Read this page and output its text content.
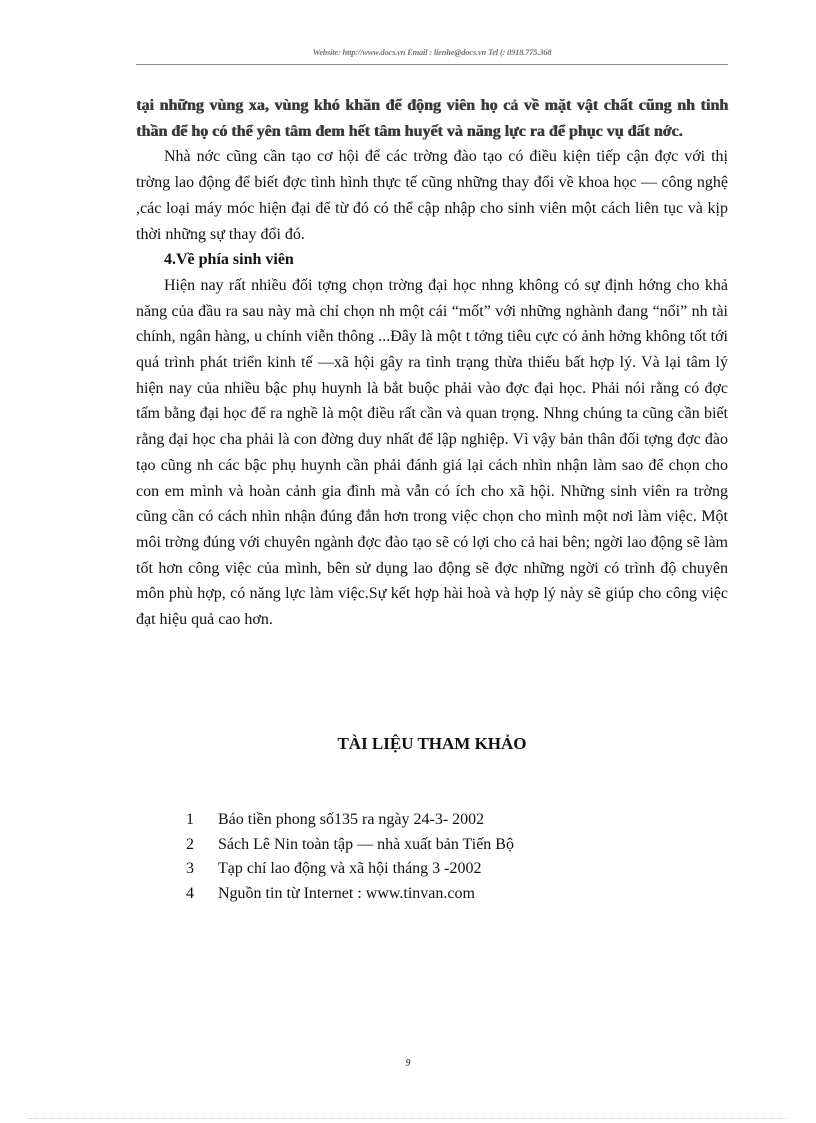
Website: http://www.docs.vn Email : lienhe@docs.vn Tel (: 0918.775.368

tại những vùng xa, vùng khó khăn để động viên họ cả về mặt vật chất cũng nh tinh thần để họ có thể yên tâm đem hết tâm huyết và năng lực ra để phục vụ đất nớc.

Nhà nớc cũng cần tạo cơ hội để các trờng đào tạo có điều kiện tiếp cận đợc với thị trờng lao động để biết đợc tình hình thực tế cũng những thay đổi về khoa học — công nghệ ,các loại máy móc hiện đại để từ đó có thể cập nhập cho sinh viên một cách liên tục và kịp thời những sự thay đổi đó.

4.Về phía sinh viên

Hiện nay rất nhiều đối tợng chọn trờng đại học nhng không có sự định hớng cho khả năng của đầu ra sau này mà chỉ chọn nh một cái “mốt” với những nghành đang “nổi” nh tài chính, ngân hàng, u chính viễn thông ...Đây là một t tởng tiêu cực có ảnh hởng không tốt tới quá trình phát triển kinh tế —xã hội gây ra tình trạng thừa thiếu bất hợp lý. Và lại tâm lý hiện nay của nhiều bậc phụ huynh là bắt buộc phải vào đợc đại học. Phải nói rằng có đợc tấm bằng đại học để ra nghề là một điều rất cần và quan trọng. Nhng chúng ta cũng cần biết rằng đại học cha phải là con đờng duy nhất để lập nghiệp. Vì vậy bản thân đối tợng đợc đào tạo cũng nh các bậc phụ huynh cần phải đánh giá lại cách nhìn nhận làm sao để chọn cho con em mình và hoàn cảnh gia đình mà vẫn có ích cho xã hội. Những sinh viên ra trờng cũng cần có cách nhìn nhận đúng đắn hơn trong việc chọn cho mình một nơi làm việc. Một môi trờng đúng với chuyên ngành đợc đào tạo sẽ có lợi cho cả hai bên; ngời lao động sẽ làm tốt hơn công việc của mình, bên sử dụng lao động sẽ đợc những ngời có trình độ chuyên môn phù hợp, có năng lực làm việc.Sự kết hợp hài hoà và hợp lý này sẽ giúp cho công việc đạt hiệu quả cao hơn.

TÀI LIỆU THAM KHẢO
1	Báo tiền phong số135 ra ngày 24-3- 2002
2	Sách Lê Nin toàn tập — nhà xuất bản Tiến Bộ
3	Tạp chí lao động và xã hội tháng 3 -2002
4	Nguồn tin từ Internet : www.tinvan.com
9
